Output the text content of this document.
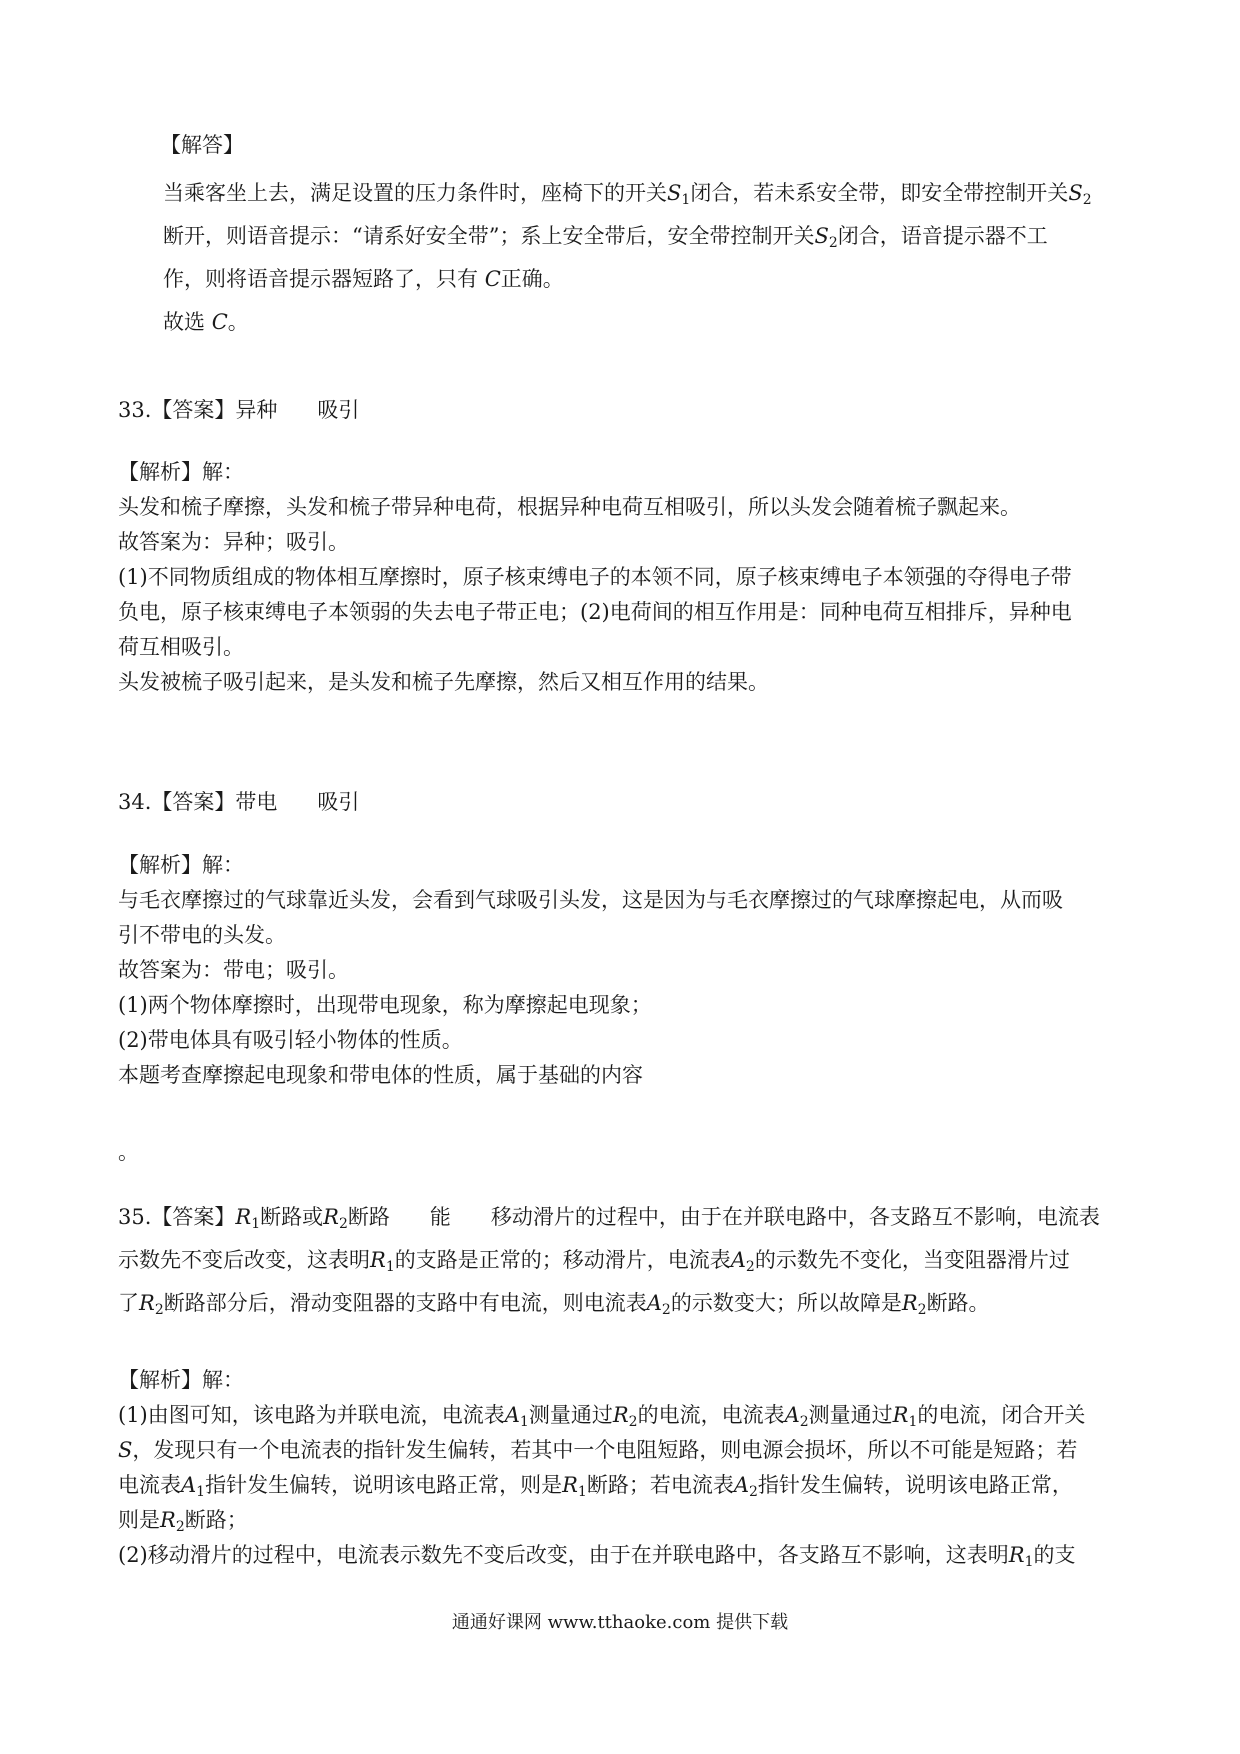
【解答】
当乘客坐上去，满足设置的压力条件时，座椅下的开关$S_1$闭合，若未系安全带，即安全带控制开关$S_2$
断开，则语音提示：“请系好安全带”；系上安全带后，安全带控制开关$S_2$闭合，语音提示器不工
作，则将语音提示器短路了，只有 C正确。
故选 C。
33.【答案】异种 吸引
【解析】解：
头发和梳子摩擦，头发和梳子带异种电荷，根据异种电荷互相吸引，所以头发会随着梳子飘起来。
故答案为：异种；吸引。
(1)不同物质组成的物体相互摩擦时，原子核束缚电子的本领不同，原子核束缚电子本领强的夺得电子带
负电，原子核束缚电子本领弱的失去电子带正电；(2)电荷间的相互作用是：同种电荷互相排斥，异种电
荷互相吸引。
头发被梳子吸引起来，是头发和梳子先摩擦，然后又相互作用的结果。
34.【答案】带电 吸引
【解析】解：
与毛衣摩擦过的气球靠近头发，会看到气球吸引头发，这是因为与毛衣摩擦过的气球摩擦起电，从而吸
引不带电的头发。
故答案为：带电；吸引。
(1)两个物体摩擦时，出现带电现象，称为摩擦起电现象；
(2)带电体具有吸引轻小物体的性质。
本题考查摩擦起电现象和带电体的性质，属于基础的内容
。
35.【答案】$R_1$断路或$R_2$断路 能 移动滑片的过程中，由于在并联电路中，各支路互不影响，电流表
示数先不变后改变，这表明$R_1$的支路是正常的；移动滑片，电流表$A_2$的示数先不变化，当变阻器滑片过
了$R_2$断路部分后，滑动变阻器的支路中有电流，则电流表$A_2$的示数变大；所以故障是$R_2$断路。
【解析】解：
(1)由图可知，该电路为并联电流，电流表$A_1$测量通过$R_2$的电流，电流表$A_2$测量通过$R_1$的电流，闭合开关
S，发现只有一个电流表的指针发生偏转，若其中一个电阻短路，则电源会损坏，所以不可能是短路；若
电流表$A_1$指针发生偏转，说明该电路正常，则是$R_1$断路；若电流表$A_2$指针发生偏转，说明该电路正常，
则是$R_2$断路；
(2)移动滑片的过程中，电流表示数先不变后改变，由于在并联电路中，各支路互不影响，这表明$R_1$的支
通通好课网 www.tthaoke.com 提供下载
